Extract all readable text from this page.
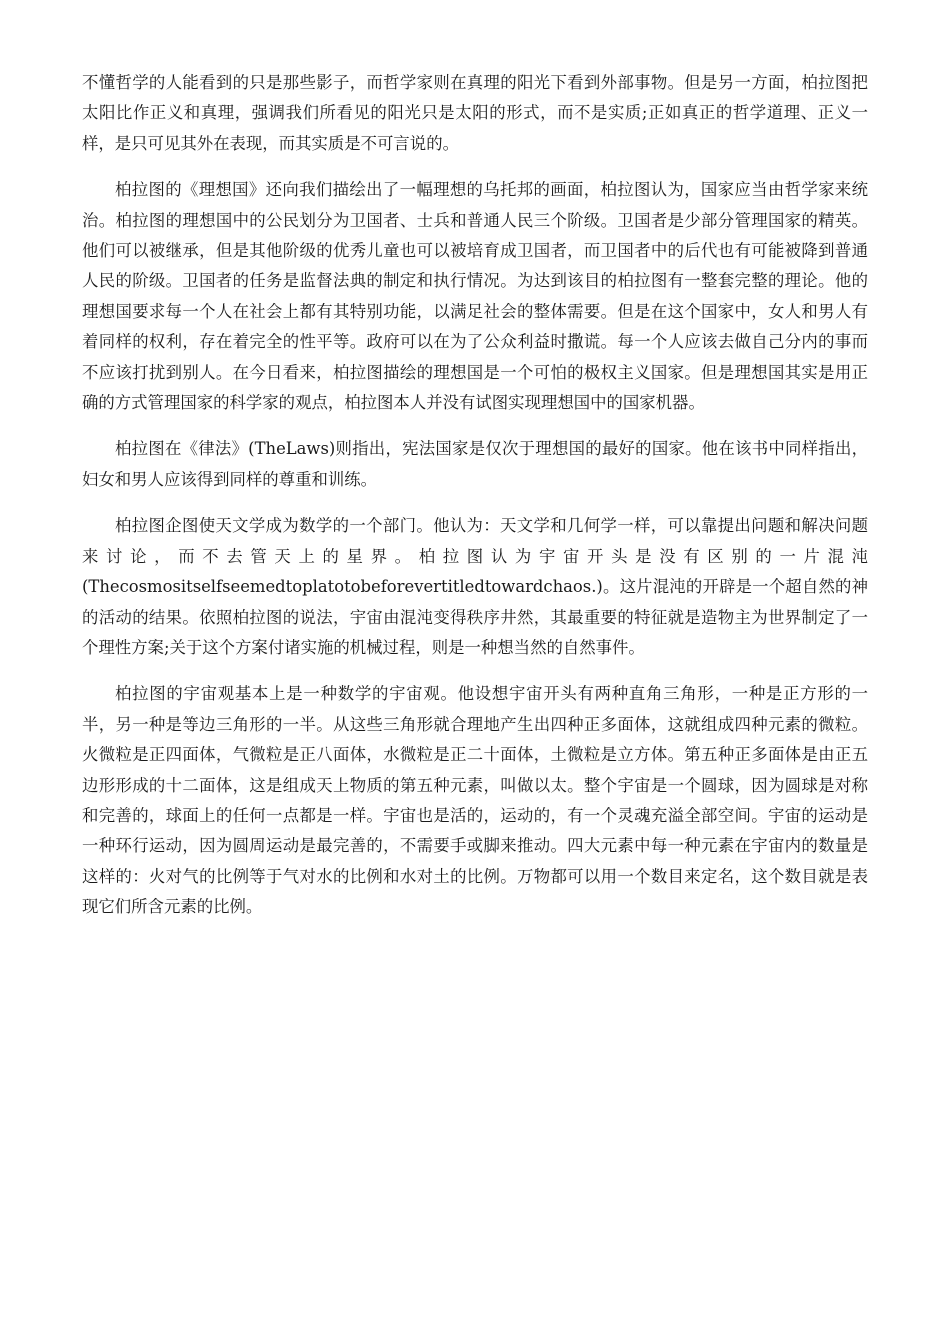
不懂哲学的人能看到的只是那些影子，而哲学家则在真理的阳光下看到外部事物。但是另一方面，柏拉图把太阳比作正义和真理，强调我们所看见的阳光只是太阳的形式，而不是实质;正如真正的哲学道理、正义一样，是只可见其外在表现，而其实质是不可言说的。

柏拉图的《理想国》还向我们描绘出了一幅理想的乌托邦的画面，柏拉图认为，国家应当由哲学家来统治。柏拉图的理想国中的公民划分为卫国者、士兵和普通人民三个阶级。卫国者是少部分管理国家的精英。他们可以被继承，但是其他阶级的优秀儿童也可以被培育成卫国者，而卫国者中的后代也有可能被降到普通人民的阶级。卫国者的任务是监督法典的制定和执行情况。为达到该目的柏拉图有一整套完整的理论。他的理想国要求每一个人在社会上都有其特别功能，以满足社会的整体需要。但是在这个国家中，女人和男人有着同样的权利，存在着完全的性平等。政府可以在为了公众利益时撒谎。每一个人应该去做自己分内的事而不应该打扰到别人。在今日看来，柏拉图描绘的理想国是一个可怕的极权主义国家。但是理想国其实是用正确的方式管理国家的科学家的观点，柏拉图本人并没有试图实现理想国中的国家机器。

柏拉图在《律法》(TheLaws)则指出，宪法国家是仅次于理想国的最好的国家。他在该书中同样指出，妇女和男人应该得到同样的尊重和训练。

柏拉图企图使天文学成为数学的一个部门。他认为：天文学和几何学一样，可以靠提出问题和解决问题来讨论，而不去管天上的星界。柏拉图认为宇宙开头是没有区别的一片混沌(Thecosmositselfseemedtoplatotobeforevertitledtowardchaos.)。这片混沌的开辟是一个超自然的神的活动的结果。依照柏拉图的说法，宇宙由混沌变得秩序井然，其最重要的特征就是造物主为世界制定了一个理性方案;关于这个方案付诸实施的机械过程，则是一种想当然的自然事件。

柏拉图的宇宙观基本上是一种数学的宇宙观。他设想宇宙开头有两种直角三角形，一种是正方形的一半，另一种是等边三角形的一半。从这些三角形就合理地产生出四种正多面体，这就组成四种元素的微粒。火微粒是正四面体，气微粒是正八面体，水微粒是正二十面体，土微粒是立方体。第五种正多面体是由正五边形形成的十二面体，这是组成天上物质的第五种元素，叫做以太。整个宇宙是一个圆球，因为圆球是对称和完善的，球面上的任何一点都是一样。宇宙也是活的，运动的，有一个灵魂充溢全部空间。宇宙的运动是一种环行运动，因为圆周运动是最完善的，不需要手或脚来推动。四大元素中每一种元素在宇宙内的数量是这样的：火对气的比例等于气对水的比例和水对土的比例。万物都可以用一个数目来定名，这个数目就是表现它们所含元素的比例。
